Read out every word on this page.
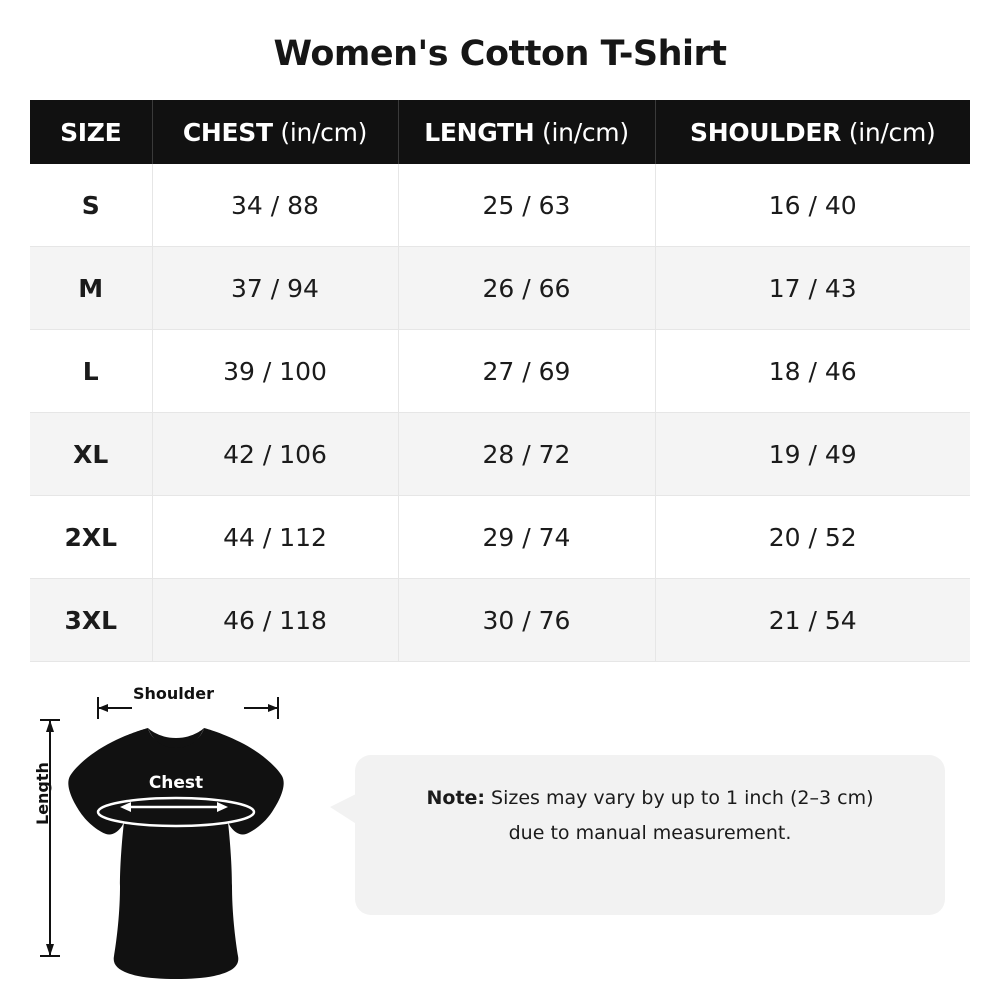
Women's Cotton T-Shirt
SIZE	CHEST (in/cm)	LENGTH (in/cm)	SHOULDER (in/cm)
S	34 / 88	25 / 63	16 / 40
M	37 / 94	26 / 66	17 / 43
L	39 / 100	27 / 69	18 / 46
XL	42 / 106	28 / 72	19 / 49
2XL	44 / 112	29 / 74	20 / 52
3XL	46 / 118	30 / 76	21 / 54
Shoulder
Length	Chest
Note: Sizes may vary by up to 1 inch (2–3 cm)
due to manual measurement.
